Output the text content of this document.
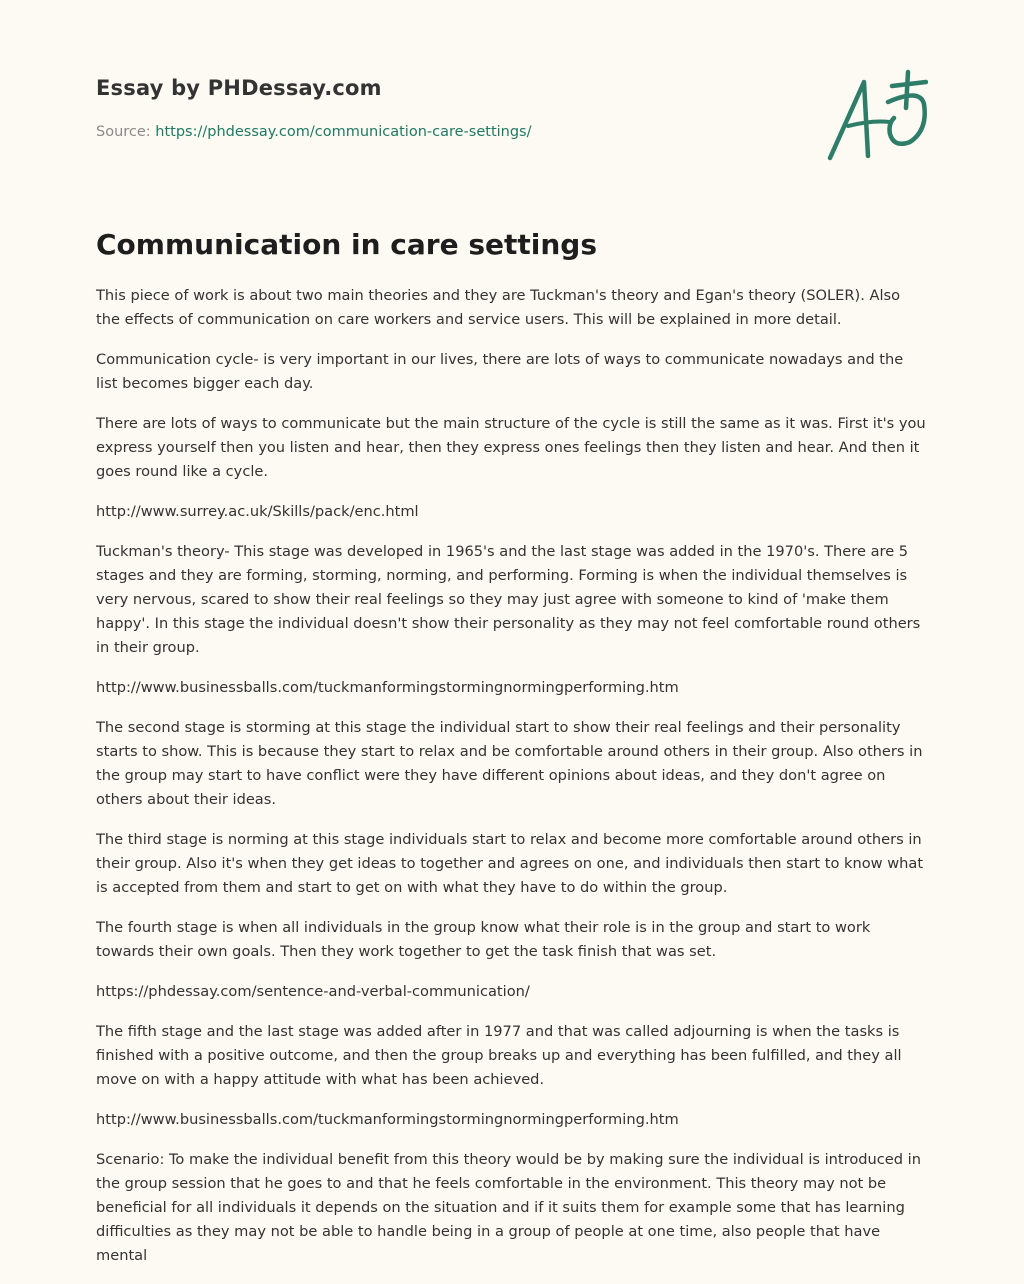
Essay by PHDessay.com
Source: https://phdessay.com/communication-care-settings/
Communication in care settings

This piece of work is about two main theories and they are Tuckman's theory and Egan's theory (SOLER). Also the effects of communication on care workers and service users. This will be explained in more detail.

Communication cycle- is very important in our lives, there are lots of ways to communicate nowadays and the list becomes bigger each day.

There are lots of ways to communicate but the main structure of the cycle is still the same as it was. First it's you express yourself then you listen and hear, then they express ones feelings then they listen and hear. And then it goes round like a cycle.

http://www.surrey.ac.uk/Skills/pack/enc.html

Tuckman's theory- This stage was developed in 1965's and the last stage was added in the 1970's. There are 5 stages and they are forming, storming, norming, and performing. Forming is when the individual themselves is very nervous, scared to show their real feelings so they may just agree with someone to kind of 'make them happy'. In this stage the individual doesn't show their personality as they may not feel comfortable round others in their group.

http://www.businessballs.com/tuckmanformingstormingnormingperforming.htm

The second stage is storming at this stage the individual start to show their real feelings and their personality starts to show. This is because they start to relax and be comfortable around others in their group. Also others in the group may start to have conflict were they have different opinions about ideas, and they don't agree on others about their ideas.

The third stage is norming at this stage individuals start to relax and become more comfortable around others in their group. Also it's when they get ideas to together and agrees on one, and individuals then start to know what is accepted from them and start to get on with what they have to do within the group.

The fourth stage is when all individuals in the group know what their role is in the group and start to work towards their own goals. Then they work together to get the task finish that was set.

https://phdessay.com/sentence-and-verbal-communication/

The fifth stage and the last stage was added after in 1977 and that was called adjourning is when the tasks is finished with a positive outcome, and then the group breaks up and everything has been fulfilled, and they all move on with a happy attitude with what has been achieved.

http://www.businessballs.com/tuckmanformingstormingnormingperforming.htm

Scenario: To make the individual benefit from this theory would be by making sure the individual is introduced in the group session that he goes to and that he feels comfortable in the environment. This theory may not be beneficial for all individuals it depends on the situation and if it suits them for example some that has learning difficulties as they may not be able to handle being in a group of people at one time, also people that have mental
